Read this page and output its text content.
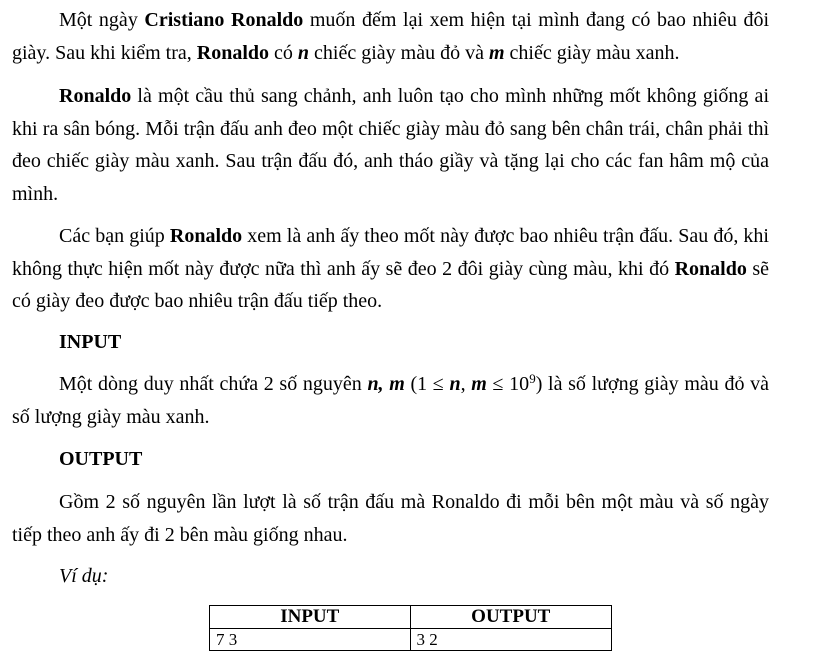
Một ngày Cristiano Ronaldo muốn đếm lại xem hiện tại mình đang có bao nhiêu đôi giày. Sau khi kiểm tra, Ronaldo có n chiếc giày màu đỏ và m chiếc giày màu xanh.

Ronaldo là một cầu thủ sang chảnh, anh luôn tạo cho mình những mốt không giống ai khi ra sân bóng. Mỗi trận đấu anh đeo một chiếc giày màu đỏ sang bên chân trái, chân phải thì đeo chiếc giày màu xanh. Sau trận đấu đó, anh tháo giầy và tặng lại cho các fan hâm mộ của mình.

Các bạn giúp Ronaldo xem là anh ấy theo mốt này được bao nhiêu trận đấu. Sau đó, khi không thực hiện mốt này được nữa thì anh ấy sẽ đeo 2 đôi giày cùng màu, khi đó Ronaldo sẽ có giày đeo được bao nhiêu trận đấu tiếp theo.

INPUT

Một dòng duy nhất chứa 2 số nguyên n, m (1 ≤ n, $m \le 10^9$) là số lượng giày màu đỏ và số lượng giày màu xanh.

OUTPUT

Gồm 2 số nguyên lần lượt là số trận đấu mà Ronaldo đi mỗi bên một màu và số ngày tiếp theo anh ấy đi 2 bên màu giống nhau.

Ví dụ:
INPUT	OUTPUT
7 3	3 2
